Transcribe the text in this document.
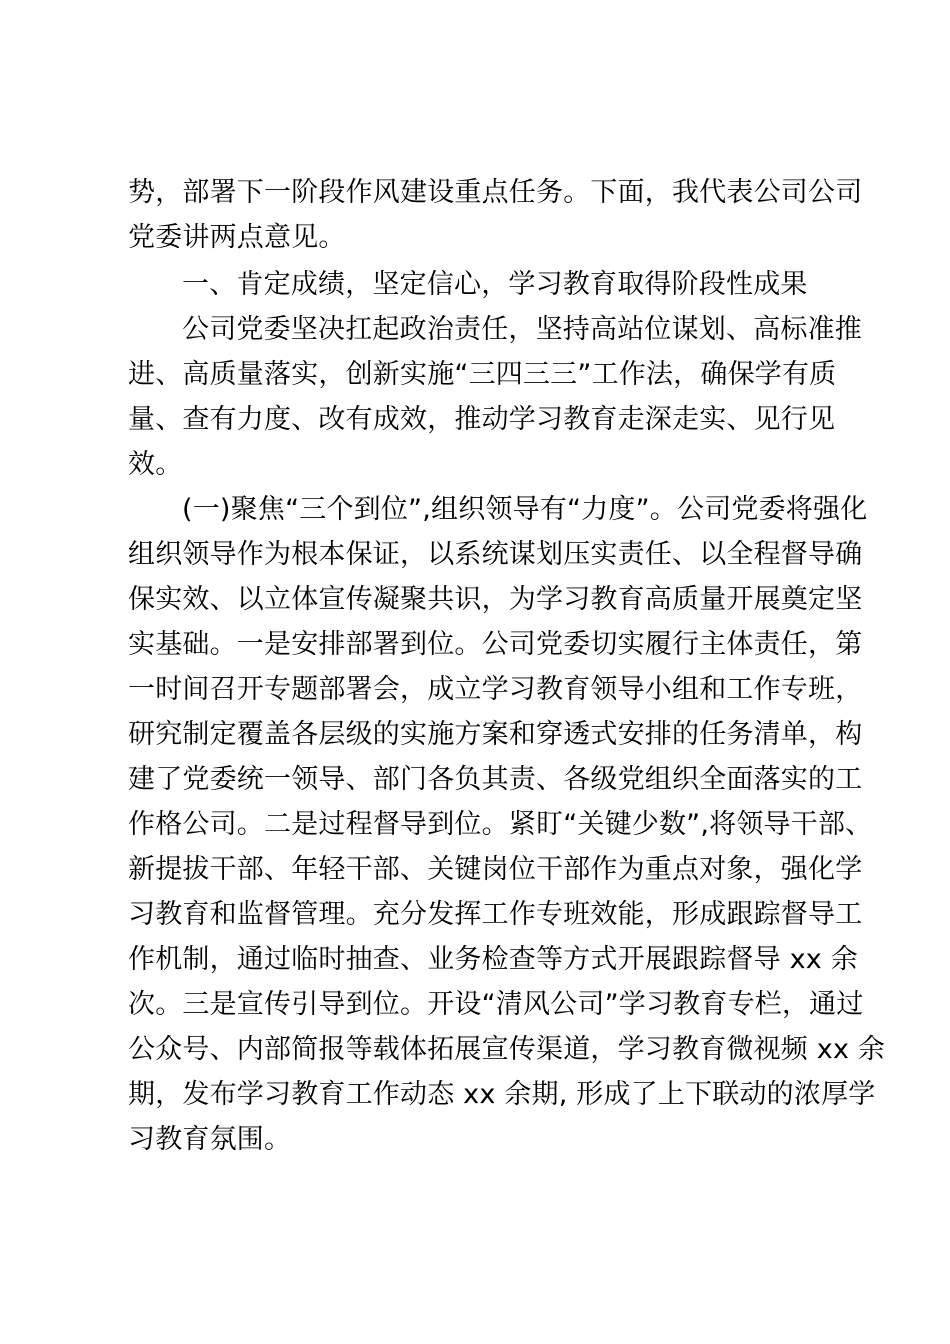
势，部署下一阶段作风建设重点任务。下面，我代表公司公司
党委讲两点意见。
一、肯定成绩，坚定信心，学习教育取得阶段性成果
公司党委坚决扛起政治责任，坚持高站位谋划、高标准推
进、高质量落实，创新实施“三四三三”工作法，确保学有质
量、查有力度、改有成效，推动学习教育走深走实、见行见
效。
(一)聚焦“三个到位”,组织领导有“力度”。公司党委将强化
组织领导作为根本保证，以系统谋划压实责任、以全程督导确
保实效、以立体宣传凝聚共识，为学习教育高质量开展奠定坚
实基础。一是安排部署到位。公司党委切实履行主体责任，第
一时间召开专题部署会，成立学习教育领导小组和工作专班，
研究制定覆盖各层级的实施方案和穿透式安排的任务清单，构
建了党委统一领导、部门各负其责、各级党组织全面落实的工
作格公司。二是过程督导到位。紧盯“关键少数”,将领导干部、
新提拔干部、年轻干部、关键岗位干部作为重点对象，强化学
习教育和监督管理。充分发挥工作专班效能，形成跟踪督导工
作机制，通过临时抽查、业务检查等方式开展跟踪督导 xx 余
次。三是宣传引导到位。开设“清风公司”学习教育专栏，通过
公众号、内部简报等载体拓展宣传渠道，学习教育微视频 xx 余
期，发布学习教育工作动态 xx 余期, 形成了上下联动的浓厚学
习教育氛围。
